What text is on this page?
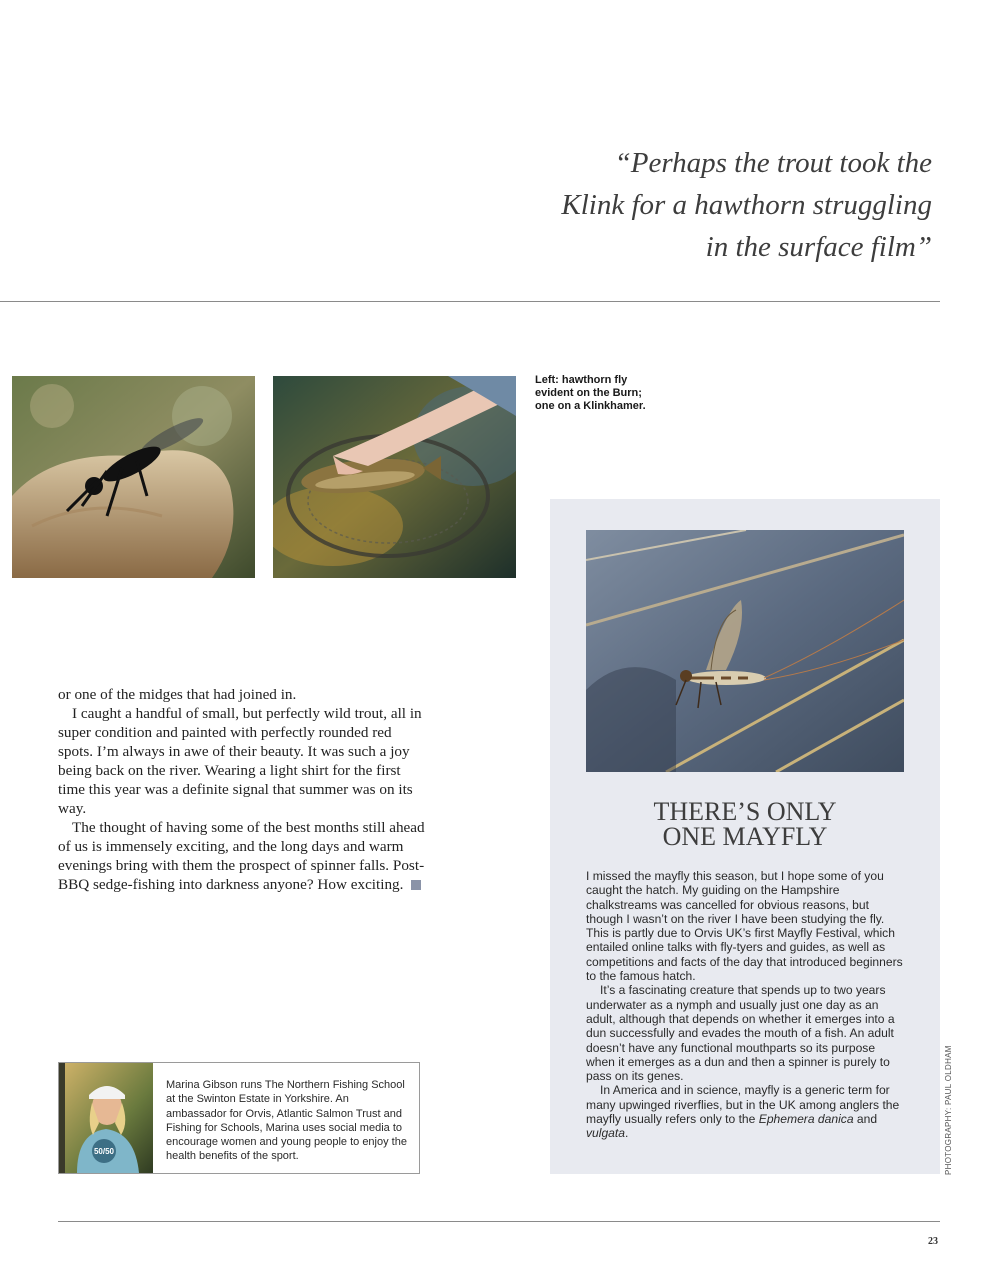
“Perhaps the trout took the
Klink for a hawthorn struggling
in the surface film”
Left: hawthorn fly evident on the Burn; one on a Klinkhamer.

or one of the midges that had joined in.

I caught a handful of small, but perfectly wild trout, all in super condition and painted with perfectly rounded red spots. I’m always in awe of their beauty. It was such a joy being back on the river. Wearing a light shirt for the first time this year was a definite signal that summer was on its way.

The thought of having some of the best months still ahead of us is immensely exciting, and the long days and warm evenings bring with them the prospect of spinner falls. Post-BBQ sedge-fishing into darkness anyone? How exciting.

50/50
Marina Gibson runs The Northern Fishing School at the Swinton Estate in Yorkshire. An ambassador for Orvis, Atlantic Salmon Trust and Fishing for Schools, Marina uses social media to encourage women and young people to enjoy the health benefits of the sport.
THERE’S ONLY
ONE MAYFLY

I missed the mayfly this season, but I hope some of you caught the hatch. My guiding on the Hampshire chalkstreams was cancelled for obvious reasons, but though I wasn’t on the river I have been studying the fly. This is partly due to Orvis UK’s first Mayfly Festival, which entailed online talks with fly-tyers and guides, as well as competitions and facts of the day that introduced beginners to the famous hatch.

It’s a fascinating creature that spends up to two years underwater as a nymph and usually just one day as an adult, although that depends on whether it emerges into a dun successfully and evades the mouth of a fish. An adult doesn’t have any functional mouthparts so its purpose when it emerges as a dun and then a spinner is purely to pass on its genes.

In America and in science, mayfly is a generic term for many upwinged riverflies, but in the UK among anglers the mayfly usually refers only to the Ephemera danica and vulgata.	PHOTOGRAPHY: PAUL OLDHAM
23
